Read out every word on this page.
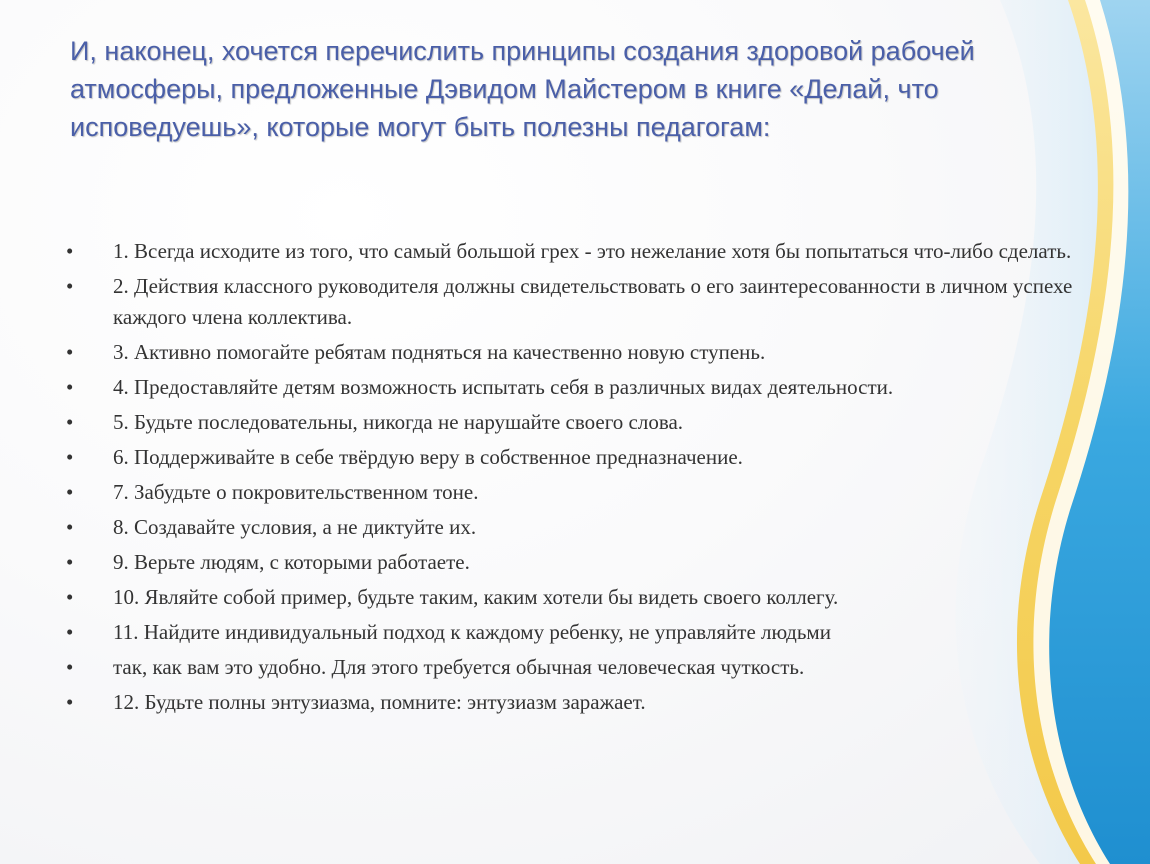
И, наконец, хочется перечислить принципы создания здоровой рабочей атмосферы, предложенные Дэвидом Майстером в книге «Делай, что исповедуешь», которые могут быть полезны педагогам:
• 1. Всегда исходите из того, что самый большой грех - это нежелание хотя бы попытаться что-либо сделать.
• 2. Действия классного руководителя должны свидетельствовать о его заинтересованности в личном успехе каждого члена коллектива.
• 3. Активно помогайте ребятам подняться на качественно новую ступень.
• 4. Предоставляйте детям возможность испытать себя в различных видах деятельности.
• 5. Будьте последовательны, никогда не нарушайте своего слова.
• 6. Поддерживайте в себе твёрдую веру в собственное предназначение.
• 7. Забудьте о покровительственном тоне.
• 8. Создавайте условия, а не диктуйте их.
• 9. Верьте людям, с которыми работаете.
• 10. Являйте собой пример, будьте таким, каким хотели бы видеть своего коллегу.
• 11. Найдите индивидуальный подход к каждому ребенку, не управляйте людьми
• так, как вам это удобно. Для этого требуется обычная человеческая чуткость.
• 12. Будьте полны энтузиазма, помните: энтузиазм заражает.
